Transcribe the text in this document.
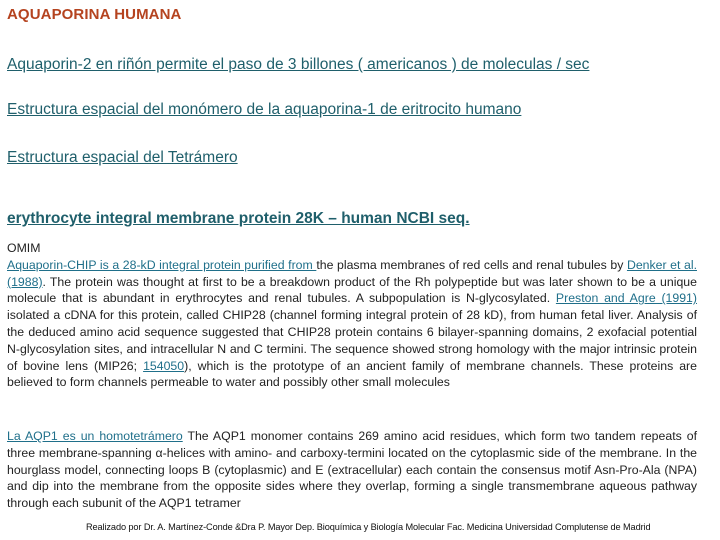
AQUAPORINA HUMANA
Aquaporin-2 en riñón permite el paso de 3 billones ( americanos ) de moleculas / sec
Estructura espacial del monómero de la aquaporina-1 de eritrocito humano
Estructura espacial del Tetrámero
erythrocyte integral membrane protein 28K – human NCBI seq.

OMIM
Aquaporin-CHIP is a 28-kD integral protein purified from the plasma membranes of red cells and renal tubules by Denker et al. (1988). The protein was thought at first to be a breakdown product of the Rh polypeptide but was later shown to be a unique molecule that is abundant in erythrocytes and renal tubules. A subpopulation is N-glycosylated. Preston and Agre (1991) isolated a cDNA for this protein, called CHIP28 (channel forming integral protein of 28 kD), from human fetal liver. Analysis of the deduced amino acid sequence suggested that CHIP28 protein contains 6 bilayer-spanning domains, 2 exofacial potential N-glycosylation sites, and intracellular N and C termini. The sequence showed strong homology with the major intrinsic protein of bovine lens (MIP26; 154050), which is the prototype of an ancient family of membrane channels. These proteins are believed to form channels permeable to water and possibly other small molecules

La AQP1 es un homotetrámero The AQP1 monomer contains 269 amino acid residues, which form two tandem repeats of three membrane-spanning α-helices with amino- and carboxy-termini located on the cytoplasmic side of the membrane. In the hourglass model, connecting loops B (cytoplasmic) and E (extracellular) each contain the consensus motif Asn-Pro-Ala (NPA) and dip into the membrane from the opposite sides where they overlap, forming a single transmembrane aqueous pathway through each subunit of the AQP1 tetramer

Realizado por Dr. A. Martínez-Conde &Dra P. Mayor Dep. Bioquímica y Biología Molecular Fac. Medicina Universidad Complutense de Madrid
